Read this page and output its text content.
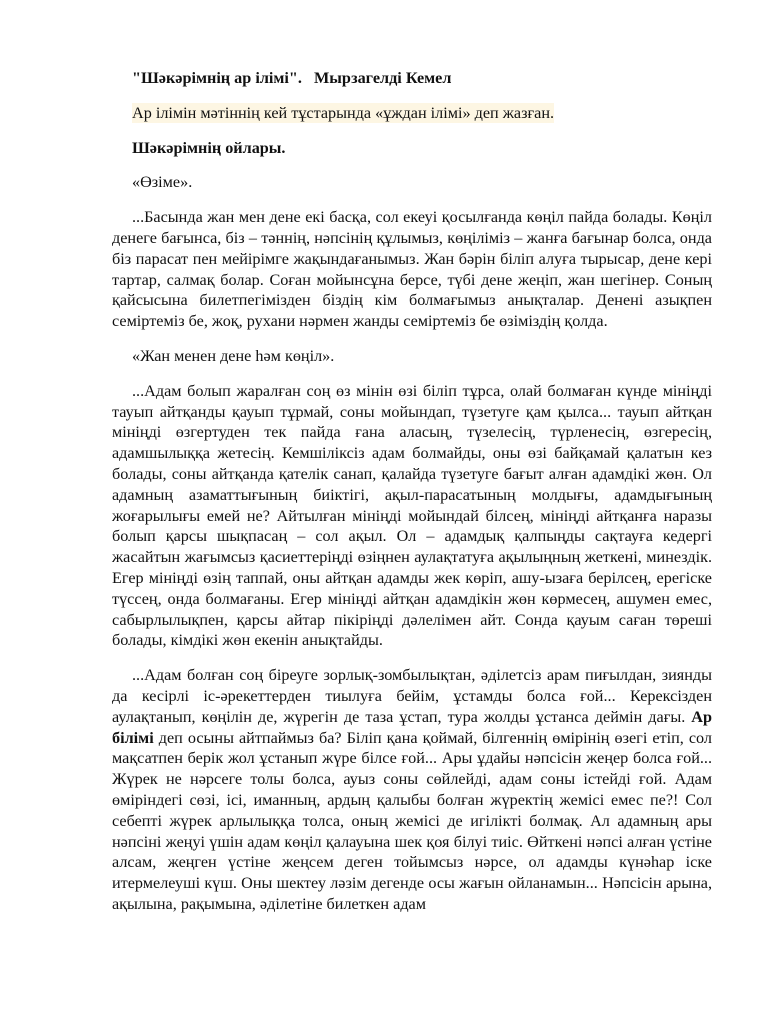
"Шәкәрімнің ар ілімі". Мырзагелді Кемел
Ар ілімін мәтіннің кей тұстарында «ұждан ілімі» деп жазған.
Шәкәрімнің ойлары.
«Өзіме».

...Басында жан мен дене екі басқа, сол екеуі қосылғанда көңіл пайда болады. Көңіл денеге бағынса, біз – тәннің, нәпсінің құлымыз, көңіліміз – жанға бағынар болса, онда біз парасат пен мейірімге жақындағанымыз. Жан бәрін біліп алуға тырысар, дене кері тартар, салмақ болар. Соған мойынсұна берсе, түбі дене жеңіп, жан шегінер. Соның қайсысына билетпегімізден біздің кім болмағымыз анықталар. Денені азықпен семіртеміз бе, жоқ, рухани нәрмен жанды семіртеміз бе өзіміздің қолда.

«Жан менен дене һәм көңіл».

...Адам болып жаралған соң өз мінін өзі біліп тұрса, олай болмаған күнде мініңді тауып айтқанды қауып тұрмай, соны мойындап, түзетуге қам қылса... тауып айтқан мініңді өзгертуден тек пайда ғана аласың, түзелесің, түрленесің, өзгересің, адамшылыққа жетесің. Кемшіліксіз адам болмайды, оны өзі байқамай қалатын кез болады, соны айтқанда қателік санап, қалайда түзетуге бағыт алған адамдікі жөн. Ол адамның азаматтығының биіктігі, ақыл-парасатының молдығы, адамдығының жоғарылығы емей не? Айтылған мініңді мойындай білсең, мініңді айтқанға наразы болып қарсы шықпасаң – сол ақыл. Ол – адамдық қалпыңды сақтауға кедергі жасайтын жағымсыз қасиеттеріңді өзіңнен аулақтатуға ақылыңның жеткені, минездік. Егер мініңді өзің таппай, оны айтқан адамды жек көріп, ашу-ызаға берілсең, ерегіске түссең, онда болмағаны. Егер мініңді айтқан адамдікін жөн көрмесең, ашумен емес, сабырлылықпен, қарсы айтар пікіріңді дәлелімен айт. Сонда қауым саған төреші болады, кімдікі жөн екенін анықтайды.

...Адам болған соң біреуге зорлық-зомбылықтан, әділетсіз арам пиғылдан, зиянды да кесірлі іс-әрекеттерден тиылуға бейім, ұстамды болса ғой... Керексізден аулақтанып, көңілін де, жүрегін де таза ұстап, тура жолды ұстанса деймін дағы. Ар білімі деп осыны айтпаймыз ба? Біліп қана қоймай, білгеннің өмірінің өзегі етіп, сол мақсатпен берік жол ұстанып жүре білсе ғой... Ары ұдайы нәпсісін жеңер болса ғой... Жүрек не нәрсеге толы болса, ауыз соны сөйлейді, адам соны істейді ғой. Адам өміріндегі сөзі, ісі, иманның, ардың қалыбы болған жүректің жемісі емес пе?! Сол себепті жүрек арлылыққа толса, оның жемісі де игілікті болмақ. Ал адамның ары нәпсіні жеңуі үшін адам көңіл қалауына шек қоя білуі тиіс. Өйткені нәпсі алған үстіне алсам, жеңген үстіне жеңсем деген тойымсыз нәрсе, ол адамды күнәһар іске итермелеуші күш. Оны шектеу ләзім дегенде осы жағын ойланамын... Нәпсісін арына, ақылына, рақымына, әділетіне билеткен адам
